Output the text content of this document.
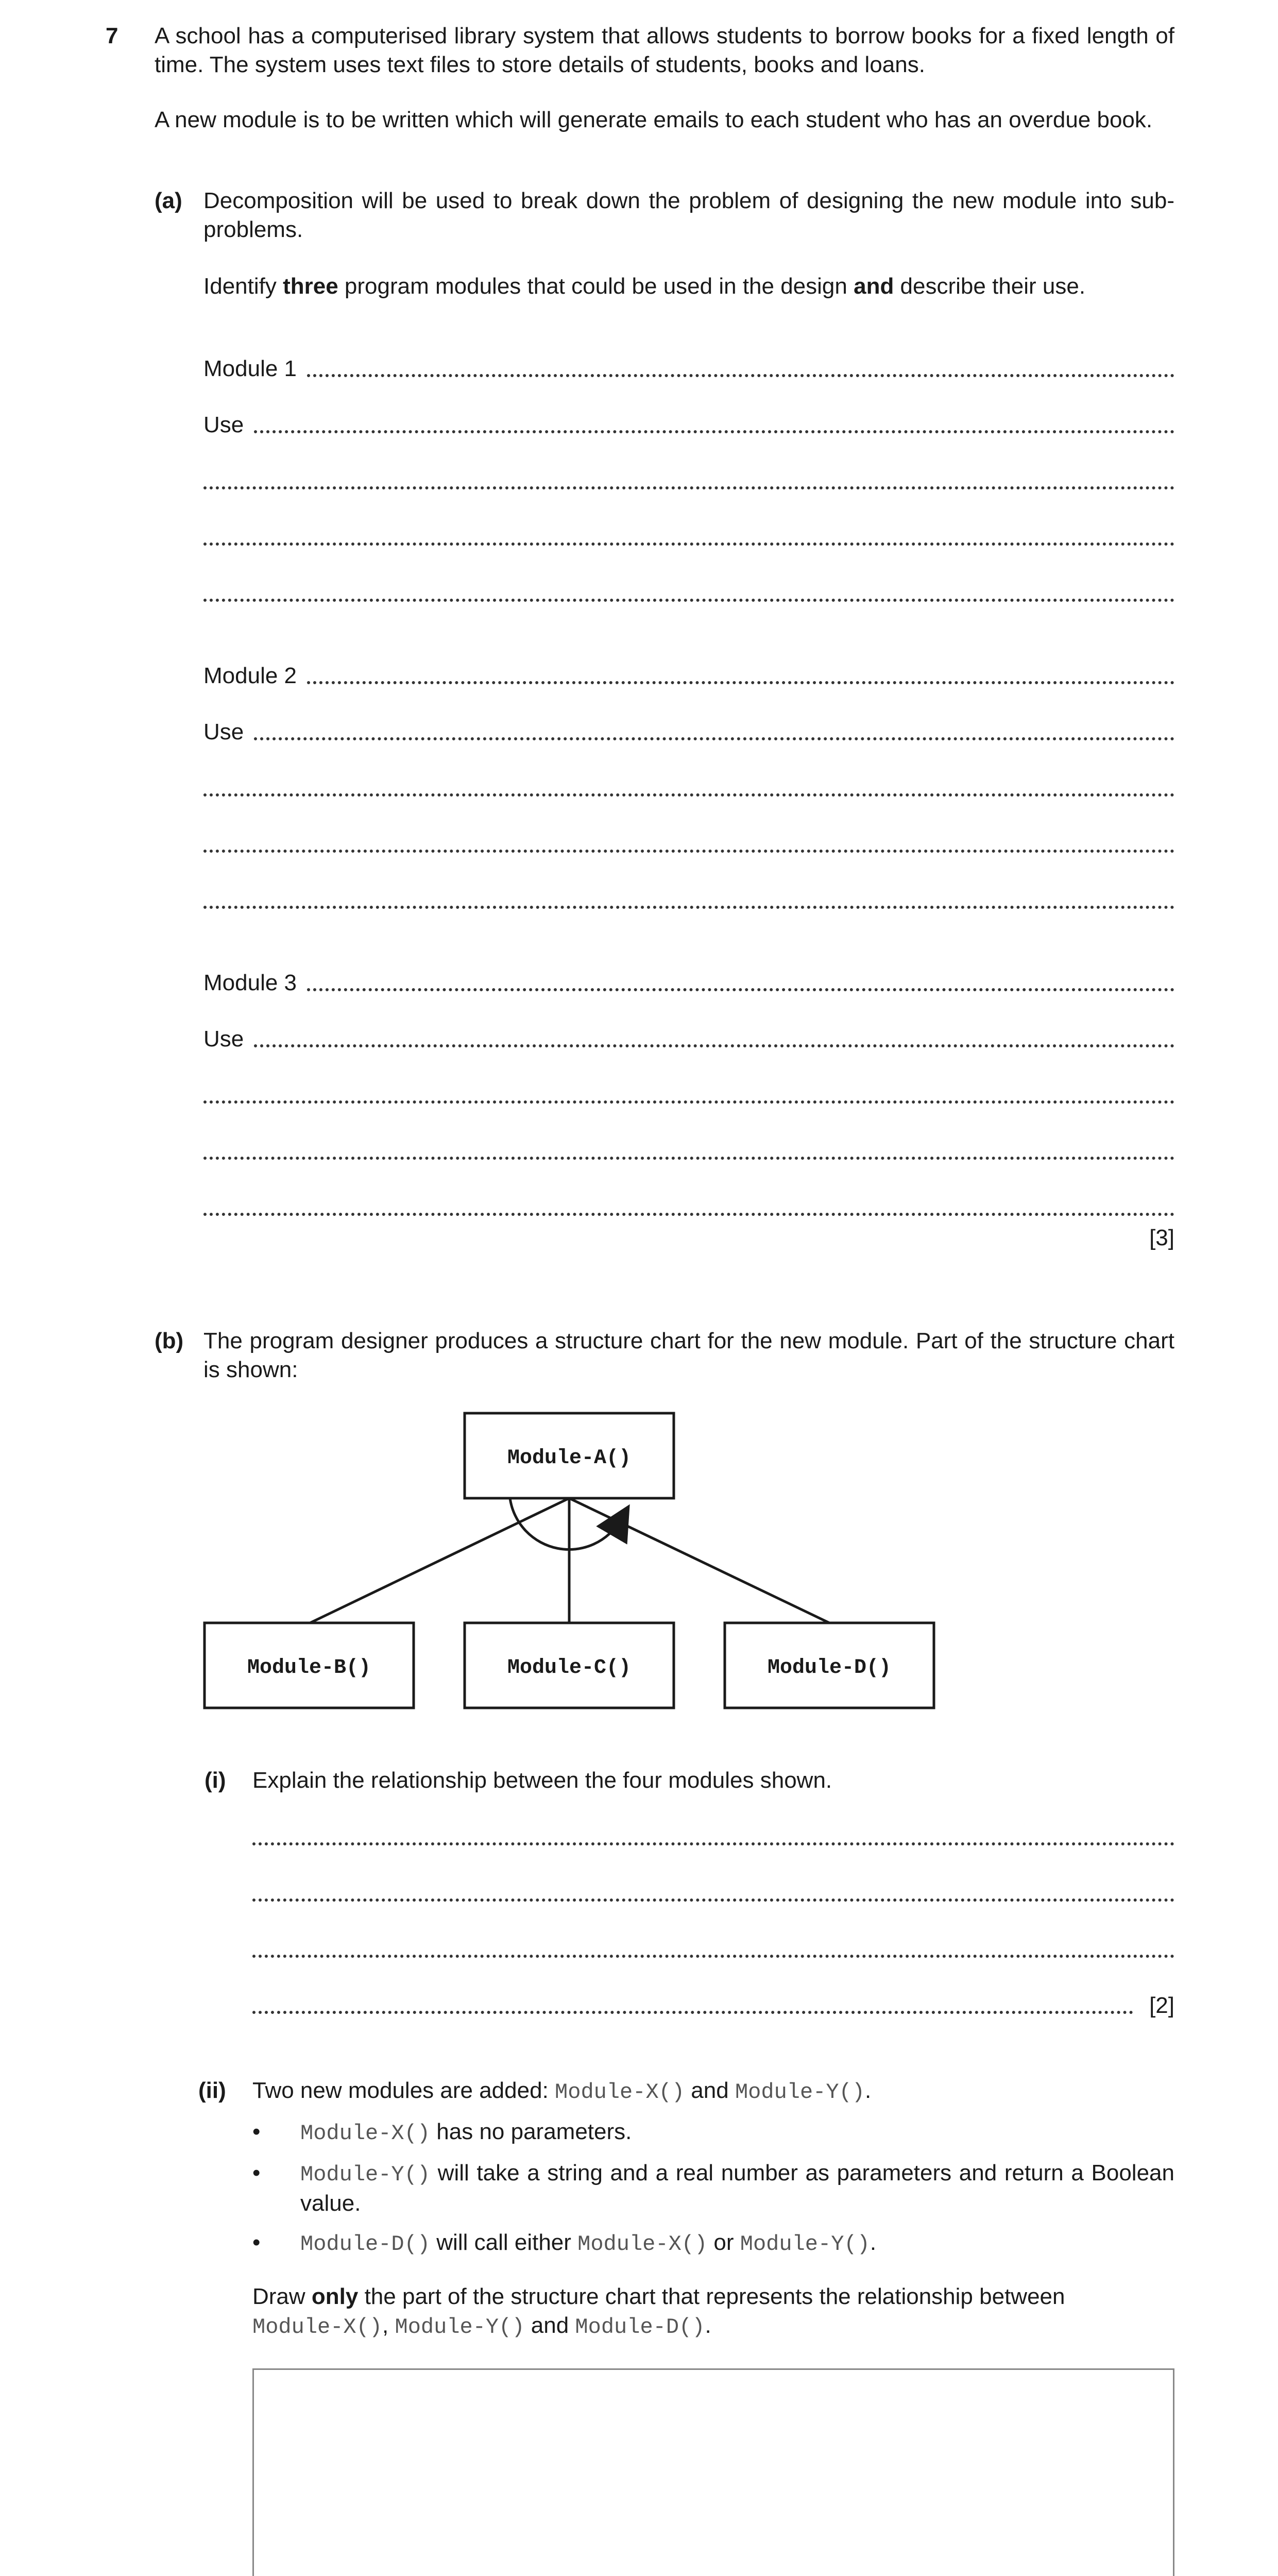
7 A school has a computerised library system that allows students to borrow books for a fixed length of time. The system uses text files to store details of students, books and loans.

A new module is to be written which will generate emails to each student who has an overdue book.

(a) Decomposition will be used to break down the problem of designing the new module into sub-problems.

Identify three program modules that could be used in the design and describe their use.

Module 1
Use
Module 2
Use
Module 3
Use
[3]
(b) The program designer produces a structure chart for the new module. Part of the structure chart is shown:

Module-A()
Module-B()	Module-C()	Module-D()
(i) Explain the relationship between the four modules shown.

[2]
(ii) Two new modules are added: Module-X() and Module-Y().

• Module-X() has no parameters.

• Module-Y() will take a string and a real number as parameters and return a Boolean value.

• Module-D() will call either Module-X() or Module-Y().

Draw only the part of the structure chart that represents the relationship between
Module-X(), Module-Y() and Module-D().
